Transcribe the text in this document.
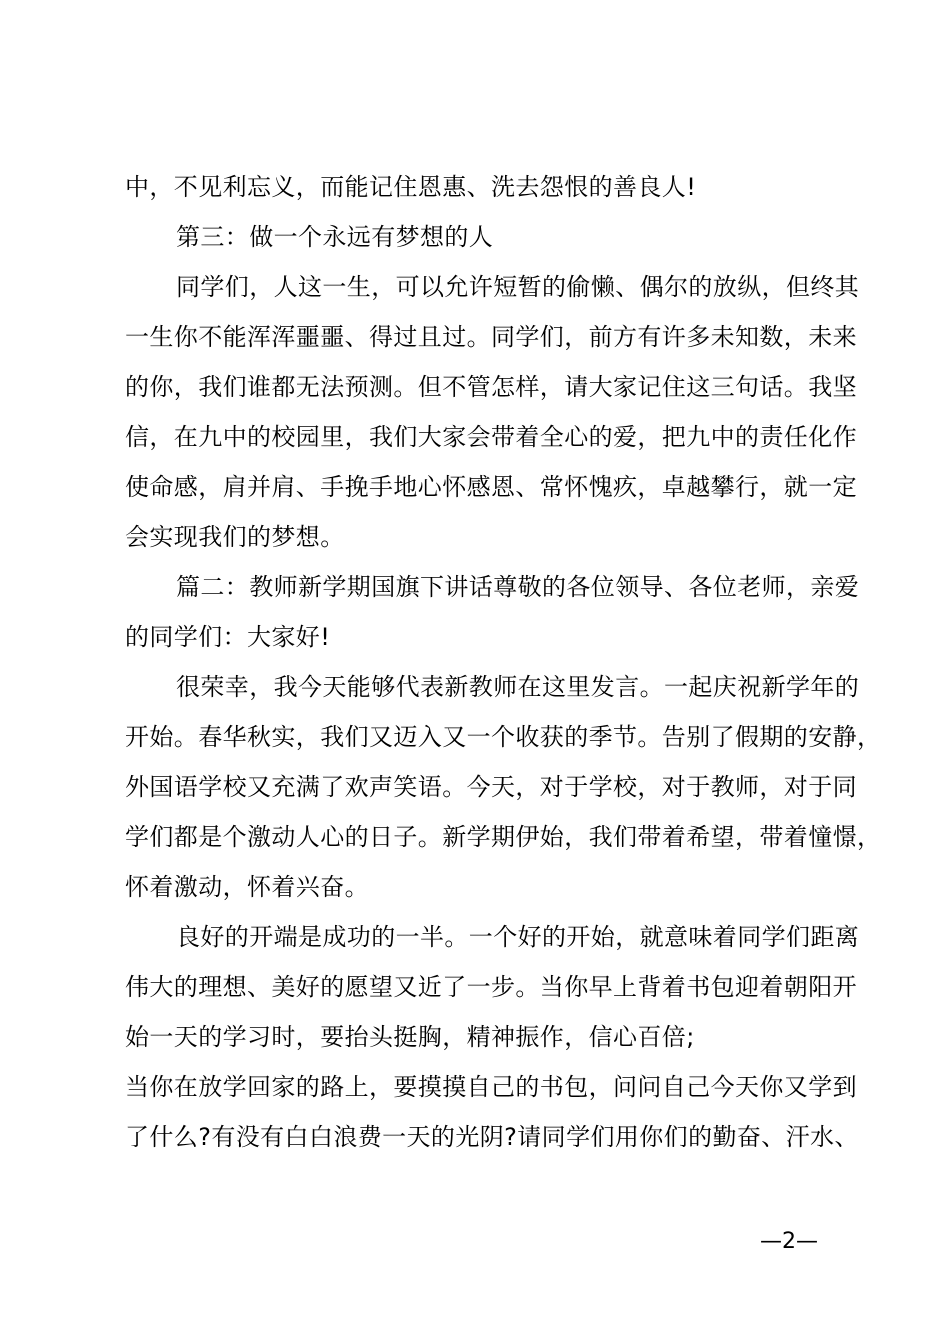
中，不见利忘义，而能记住恩惠、洗去怨恨的善良人!
第三：做一个永远有梦想的人
同学们，人这一生，可以允许短暂的偷懒、偶尔的放纵，但终其
一生你不能浑浑噩噩、得过且过。同学们，前方有许多未知数，未来
的你，我们谁都无法预测。但不管怎样，请大家记住这三句话。我坚
信，在九中的校园里，我们大家会带着全心的爱，把九中的责任化作
使命感，肩并肩、手挽手地心怀感恩、常怀愧疚，卓越攀行，就一定
会实现我们的梦想。
篇二：教师新学期国旗下讲话尊敬的各位领导、各位老师，亲爱
的同学们：大家好!
很荣幸，我今天能够代表新教师在这里发言。一起庆祝新学年的
开始。春华秋实，我们又迈入又一个收获的季节。告别了假期的安静，
外国语学校又充满了欢声笑语。今天，对于学校，对于教师，对于同
学们都是个激动人心的日子。新学期伊始，我们带着希望，带着憧憬，
怀着激动，怀着兴奋。
良好的开端是成功的一半。一个好的开始，就意味着同学们距离
伟大的理想、美好的愿望又近了一步。当你早上背着书包迎着朝阳开
始一天的学习时，要抬头挺胸，精神振作，信心百倍;
当你在放学回家的路上，要摸摸自己的书包，问问自己今天你又学到
了什么?有没有白白浪费一天的光阴?请同学们用你们的勤奋、汗水、
—2—
